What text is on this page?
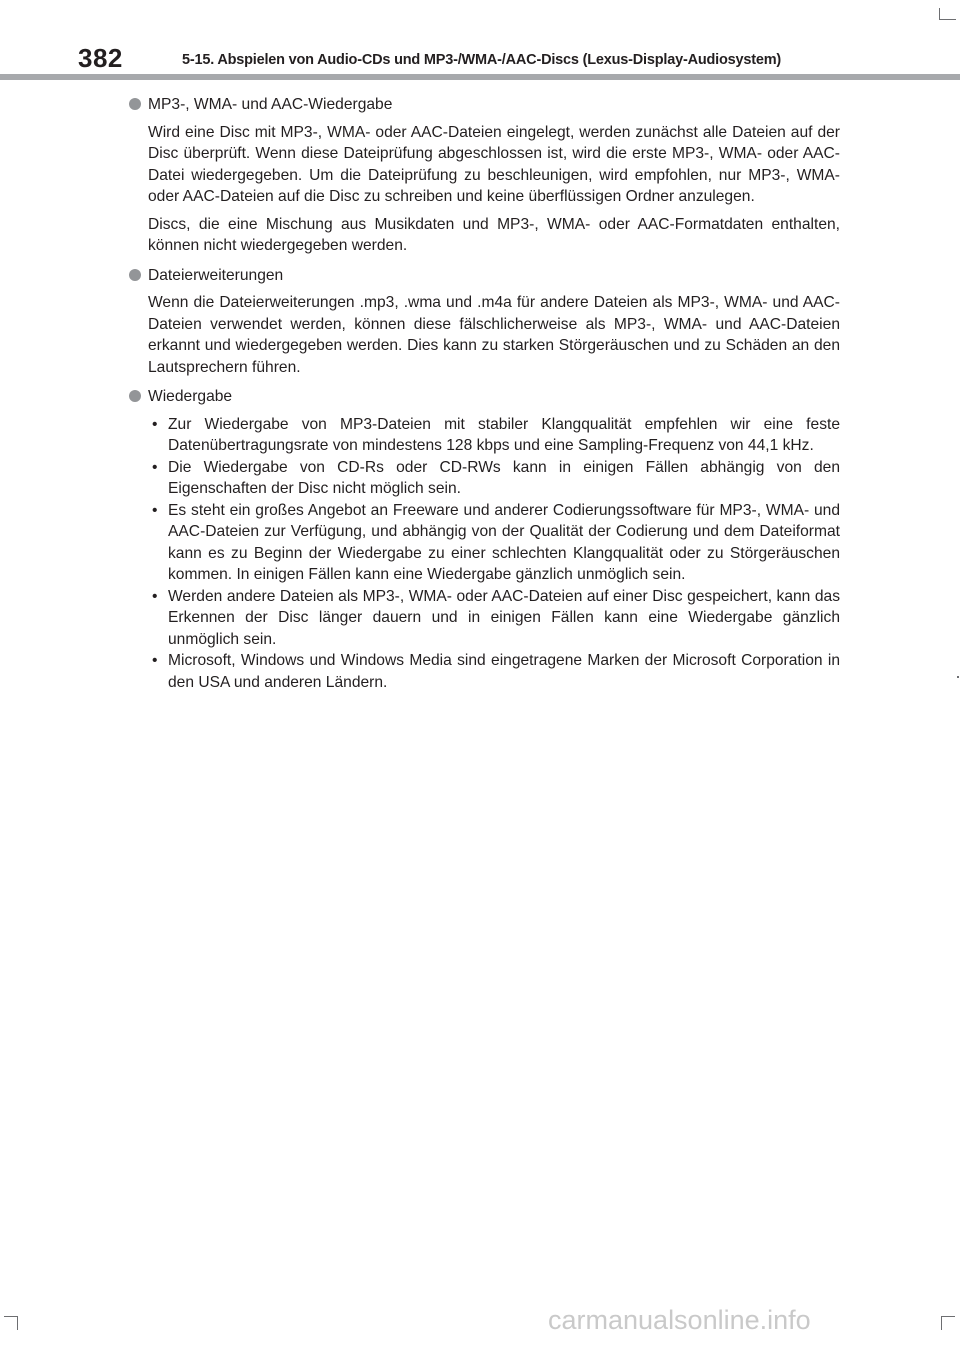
382	5-15. Abspielen von Audio-CDs und MP3-/WMA-/AAC-Discs (Lexus-Display-Audiosystem)
MP3-, WMA- und AAC-Wiedergabe

Wird eine Disc mit MP3-, WMA- oder AAC-Dateien eingelegt, werden zunächst alle Dateien auf der Disc überprüft. Wenn diese Dateiprüfung abgeschlossen ist, wird die erste MP3-, WMA- oder AAC-Datei wiedergegeben. Um die Dateiprüfung zu beschleunigen, wird empfohlen, nur MP3-, WMA- oder AAC-Dateien auf die Disc zu schreiben und keine überflüssigen Ordner anzulegen.

Discs, die eine Mischung aus Musikdaten und MP3-, WMA- oder AAC-Formatdaten enthalten, können nicht wiedergegeben werden.

Dateierweiterungen

Wenn die Dateierweiterungen .mp3, .wma und .m4a für andere Dateien als MP3-, WMA- und AAC-Dateien verwendet werden, können diese fälschlicherweise als MP3-, WMA- und AAC-Dateien erkannt und wiedergegeben werden. Dies kann zu starken Störgeräuschen und zu Schäden an den Lautsprechern führen.

Wiedergabe
• Zur Wiedergabe von MP3-Dateien mit stabiler Klangqualität empfehlen wir eine feste Datenübertragungsrate von mindestens 128 kbps und eine Sampling-Frequenz von 44,1 kHz.
• Die Wiedergabe von CD-Rs oder CD-RWs kann in einigen Fällen abhängig von den Eigenschaften der Disc nicht möglich sein.
• Es steht ein großes Angebot an Freeware und anderer Codierungssoftware für MP3-, WMA- und AAC-Dateien zur Verfügung, und abhängig von der Qualität der Codierung und dem Dateiformat kann es zu Beginn der Wiedergabe zu einer schlechten Klangqualität oder zu Störgeräuschen kommen. In einigen Fällen kann eine Wiedergabe gänzlich unmöglich sein.
• Werden andere Dateien als MP3-, WMA- oder AAC-Dateien auf einer Disc gespeichert, kann das Erkennen der Disc länger dauern und in einigen Fällen kann eine Wiedergabe gänzlich unmöglich sein.
• Microsoft, Windows und Windows Media sind eingetragene Marken der Microsoft Corporation in den USA und anderen Ländern.
carmanualsonline.info
